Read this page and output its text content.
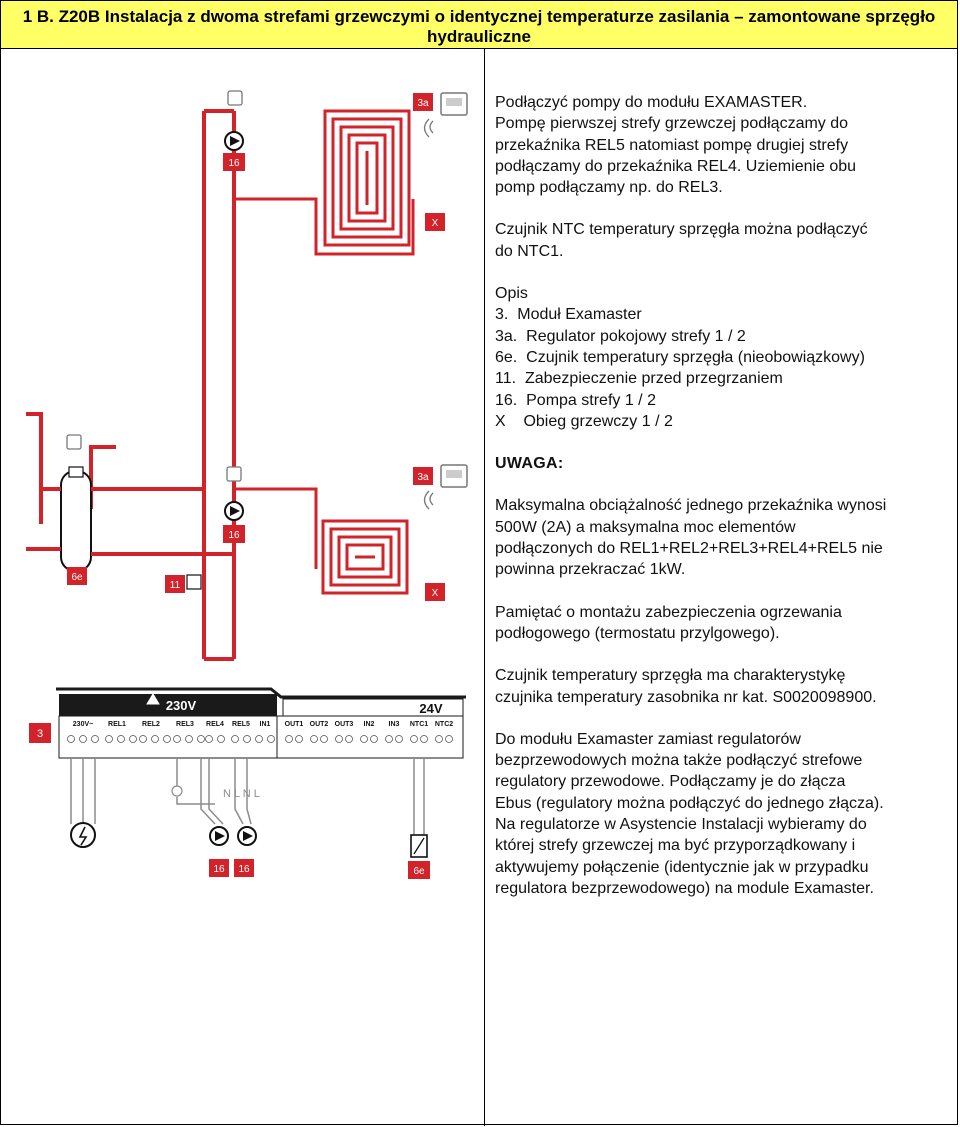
1 B. Z20B Instalacja z dwoma strefami grzewczymi o identycznej temperaturze zasilania – zamontowane sprzęgło hydrauliczne
3a
16
X
6e
3a
16
X
11
230V	24V
230V~ REL1 REL2 REL3 REL4 REL5 IN1 OUT1 OUT2 OUT3 IN2 IN3 NTC1 NTC2
3
N L N L
16 16	6e

Podłączyć pompy do modułu EXAMASTER.

Pompę pierwszej strefy grzewczej podłączamy do

przekaźnika REL5 natomiast pompę drugiej strefy

podłączamy do przekaźnika REL4. Uziemienie obu

pomp podłączamy np. do REL3.

Czujnik NTC temperatury sprzęgła można podłączyć

do NTC1.

Opis

3.  Moduł Examaster

3a.  Regulator pokojowy strefy 1 / 2

6e.  Czujnik temperatury sprzęgła (nieobowiązkowy)

11.  Zabezpieczenie przed przegrzaniem

16.  Pompa strefy 1 / 2

X    Obieg grzewczy 1 / 2

UWAGA:

Maksymalna obciążalność jednego przekaźnika wynosi

500W (2A) a maksymalna moc elementów

podłączonych do REL1+REL2+REL3+REL4+REL5 nie

powinna przekraczać 1kW.

Pamiętać o montażu zabezpieczenia ogrzewania

podłogowego (termostatu przylgowego).

Czujnik temperatury sprzęgła ma charakterystykę

czujnika temperatury zasobnika nr kat. S0020098900.

Do modułu Examaster zamiast regulatorów

bezprzewodowych można także podłączyć strefowe

regulatory przewodowe. Podłączamy je do złącza

Ebus (regulatory można podłączyć do jednego złącza).

Na regulatorze w Asystencie Instalacji wybieramy do

której strefy grzewczej ma być przyporządkowany i

aktywujemy połączenie (identycznie jak w przypadku

regulatora bezprzewodowego) na module Examaster.
